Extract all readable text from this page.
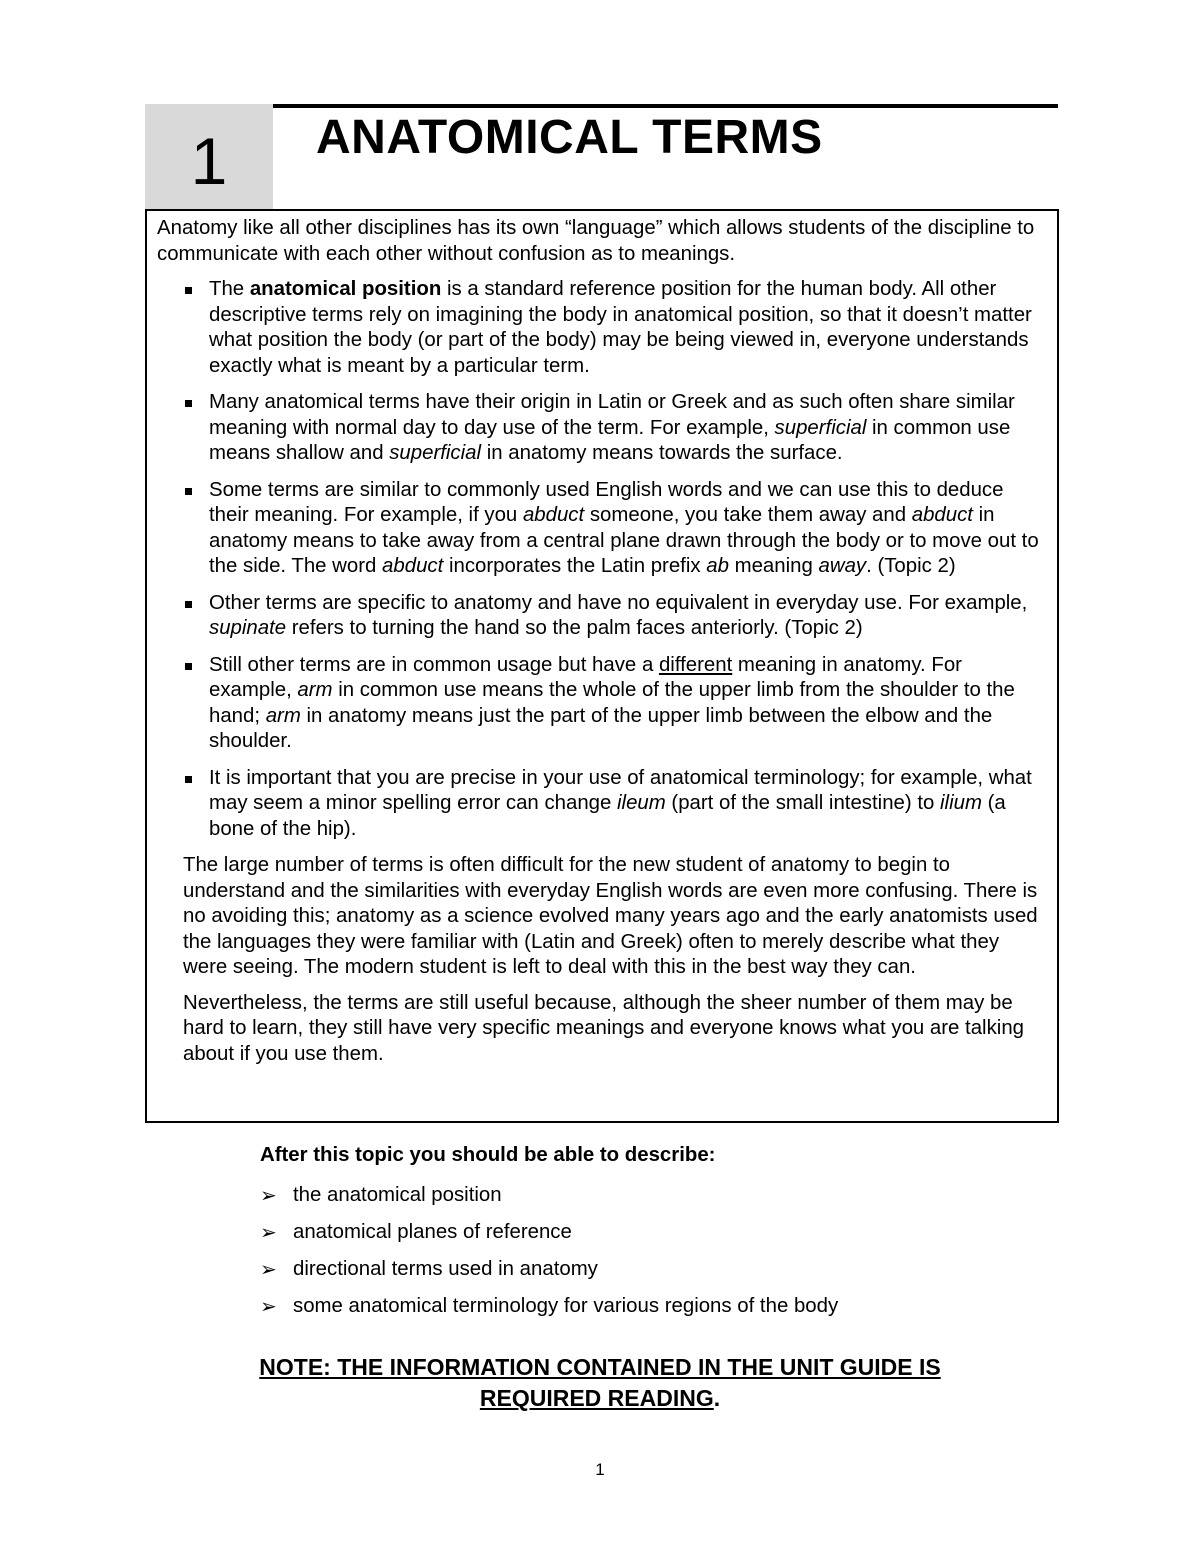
1 ANATOMICAL TERMS

Anatomy like all other disciplines has its own “language” which allows students of the discipline to communicate with each other without confusion as to meanings.

The anatomical position is a standard reference position for the human body. All other descriptive terms rely on imagining the body in anatomical position, so that it doesn’t matter what position the body (or part of the body) may be being viewed in, everyone understands exactly what is meant by a particular term.
Many anatomical terms have their origin in Latin or Greek and as such often share similar meaning with normal day to day use of the term. For example, superficial in common use means shallow and superficial in anatomy means towards the surface.
Some terms are similar to commonly used English words and we can use this to deduce their meaning. For example, if you abduct someone, you take them away and abduct in anatomy means to take away from a central plane drawn through the body or to move out to the side. The word abduct incorporates the Latin prefix ab meaning away. (Topic 2)
Other terms are specific to anatomy and have no equivalent in everyday use. For example, supinate refers to turning the hand so the palm faces anteriorly. (Topic 2)
Still other terms are in common usage but have a different meaning in anatomy. For example, arm in common use means the whole of the upper limb from the shoulder to the hand; arm in anatomy means just the part of the upper limb between the elbow and the shoulder.
It is important that you are precise in your use of anatomical terminology; for example, what may seem a minor spelling error can change ileum (part of the small intestine) to ilium (a bone of the hip).

The large number of terms is often difficult for the new student of anatomy to begin to understand and the similarities with everyday English words are even more confusing. There is no avoiding this; anatomy as a science evolved many years ago and the early anatomists used the languages they were familiar with (Latin and Greek) often to merely describe what they were seeing. The modern student is left to deal with this in the best way they can.

Nevertheless, the terms are still useful because, although the sheer number of them may be hard to learn, they still have very specific meanings and everyone knows what you are talking about if you use them.

After this topic you should be able to describe:

➢ the anatomical position
➢ anatomical planes of reference
➢ directional terms used in anatomy
➢ some anatomical terminology for various regions of the body
NOTE: THE INFORMATION CONTAINED IN THE UNIT GUIDE IS
REQUIRED READING.
1
